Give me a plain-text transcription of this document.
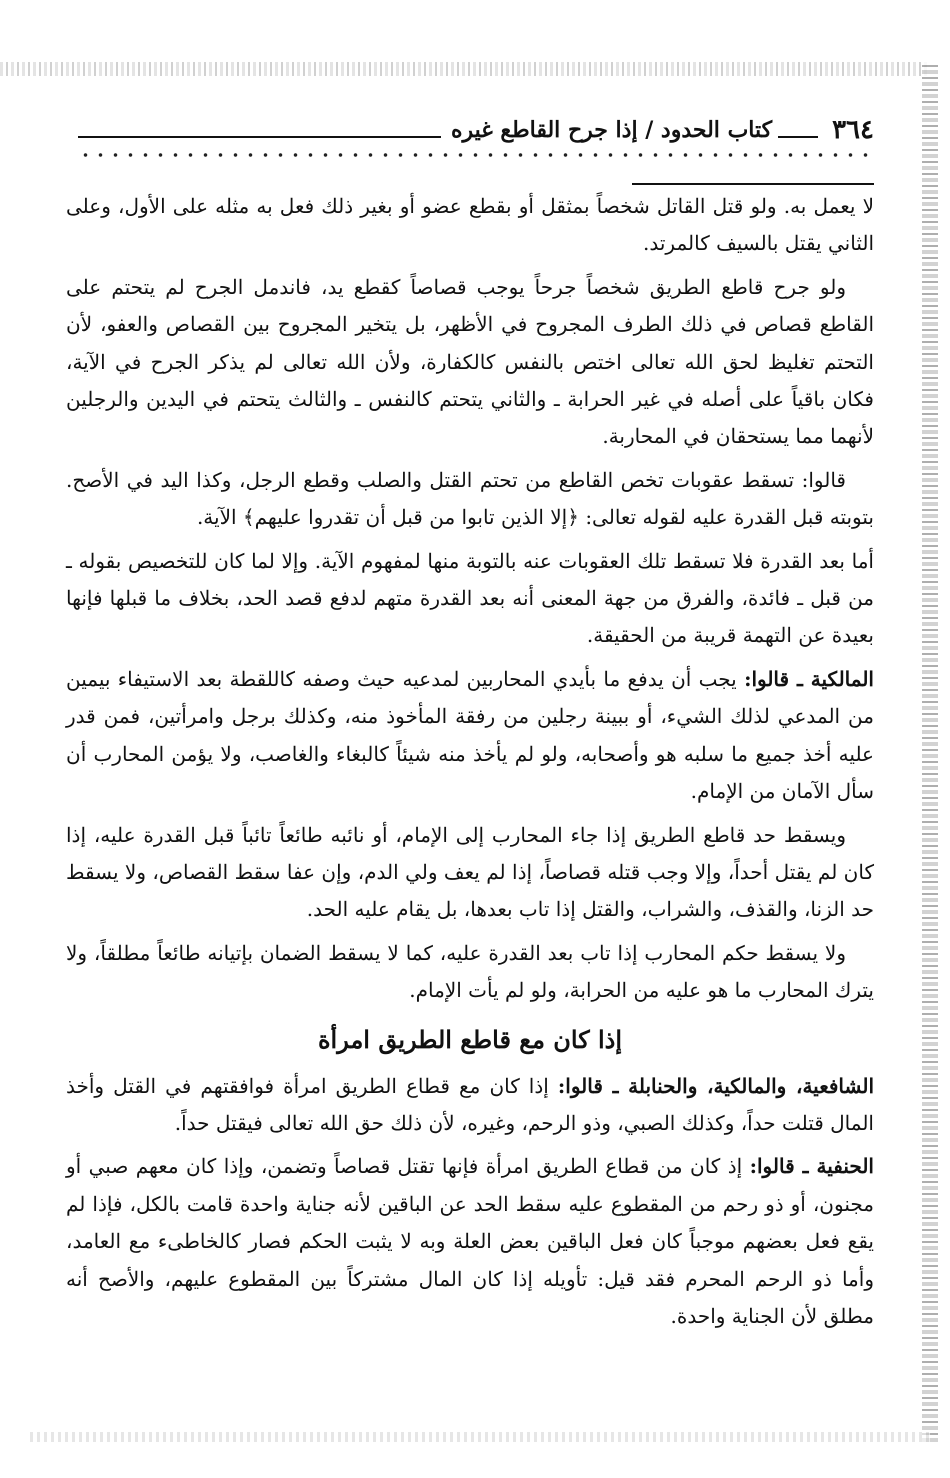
٣٦٤
كتاب الحدود / إذا جرح القاطع غيره

لا يعمل به. ولو قتل القاتل شخصاً بمثقل أو بقطع عضو أو بغير ذلك فعل به مثله على الأول، وعلى الثاني يقتل بالسيف كالمرتد.

ولو جرح قاطع الطريق شخصاً جرحاً يوجب قصاصاً كقطع يد، فاندمل الجرح لم يتحتم على القاطع قصاص في ذلك الطرف المجروح في الأظهر، بل يتخير المجروح بين القصاص والعفو، لأن التحتم تغليظ لحق الله تعالى اختص بالنفس كالكفارة، ولأن الله تعالى لم يذكر الجرح في الآية، فكان باقياً على أصله في غير الحرابة ـ والثاني يتحتم كالنفس ـ والثالث يتحتم في اليدين والرجلين لأنهما مما يستحقان في المحاربة.

قالوا: تسقط عقوبات تخص القاطع من تحتم القتل والصلب وقطع الرجل، وكذا اليد في الأصح. بتوبته قبل القدرة عليه لقوله تعالى: ﴿إلا الذين تابوا من قبل أن تقدروا عليهم﴾ الآية.

أما بعد القدرة فلا تسقط تلك العقوبات عنه بالتوبة منها لمفهوم الآية. وإلا لما كان للتخصيص بقوله ـ من قبل ـ فائدة، والفرق من جهة المعنى أنه بعد القدرة متهم لدفع قصد الحد، بخلاف ما قبلها فإنها بعيدة عن التهمة قريبة من الحقيقة.

المالكية ـ قالوا: يجب أن يدفع ما بأيدي المحاربين لمدعيه حيث وصفه كاللقطة بعد الاستيفاء بيمين من المدعي لذلك الشيء، أو ببينة رجلين من رفقة المأخوذ منه، وكذلك برجل وامرأتين، فمن قدر عليه أخذ جميع ما سلبه هو وأصحابه، ولو لم يأخذ منه شيئاً كالبغاء والغاصب، ولا يؤمن المحارب أن سأل الآمان من الإمام.

ويسقط حد قاطع الطريق إذا جاء المحارب إلى الإمام، أو نائبه طائعاً تائباً قبل القدرة عليه، إذا كان لم يقتل أحداً، وإلا وجب قتله قصاصاً، إذا لم يعف ولي الدم، وإن عفا سقط القصاص، ولا يسقط حد الزنا، والقذف، والشراب، والقتل إذا تاب بعدها، بل يقام عليه الحد.

ولا يسقط حكم المحارب إذا تاب بعد القدرة عليه، كما لا يسقط الضمان بإتيانه طائعاً مطلقاً، ولا يترك المحارب ما هو عليه من الحرابة، ولو لم يأت الإمام.

إذا كان مع قاطع الطريق امرأة

الشافعية، والمالكية، والحنابلة ـ قالوا: إذا كان مع قطاع الطريق امرأة فوافقتهم في القتل وأخذ المال قتلت حداً، وكذلك الصبي، وذو الرحم، وغيره، لأن ذلك حق الله تعالى فيقتل حداً.

الحنفية ـ قالوا: إذ كان من قطاع الطريق امرأة فإنها تقتل قصاصاً وتضمن، وإذا كان معهم صبي أو مجنون، أو ذو رحم من المقطوع عليه سقط الحد عن الباقين لأنه جناية واحدة قامت بالكل، فإذا لم يقع فعل بعضهم موجباً كان فعل الباقين بعض العلة وبه لا يثبت الحكم فصار كالخاطىء مع العامد، وأما ذو الرحم المحرم فقد قيل: تأويله إذا كان المال مشتركاً بين المقطوع عليهم، والأصح أنه مطلق لأن الجناية واحدة.
